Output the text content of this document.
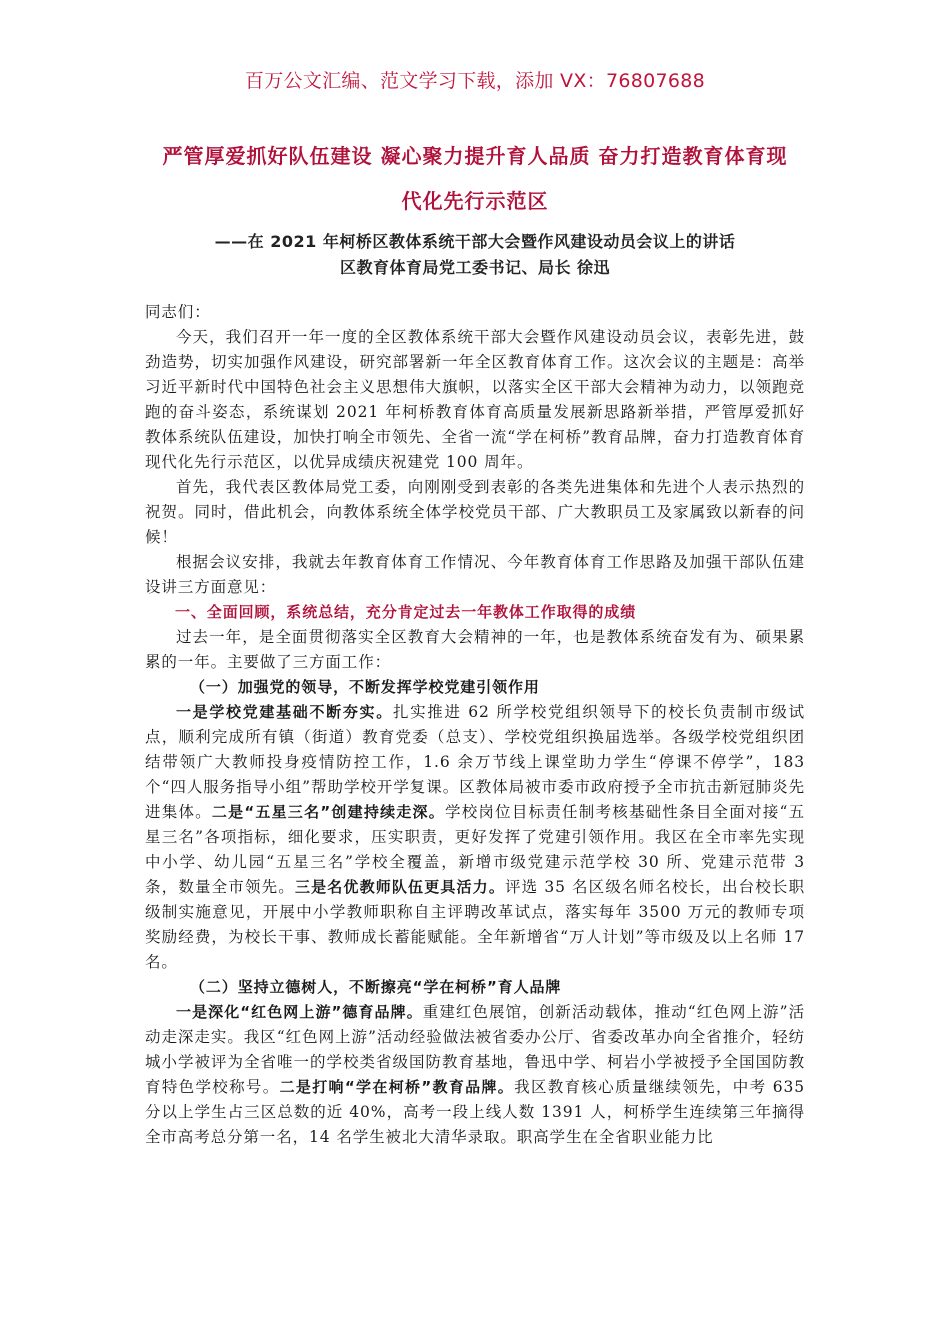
百万公文汇编、范文学习下载，添加 VX：76807688
严管厚爱抓好队伍建设 凝心聚力提升育人品质 奋力打造教育体育现
代化先行示范区
——在 2021 年柯桥区教体系统干部大会暨作风建设动员会议上的讲话
区教育体育局党工委书记、局长 徐迅

同志们：

今天，我们召开一年一度的全区教体系统干部大会暨作风建设动员会议，表彰先进，鼓劲造势，切实加强作风建设，研究部署新一年全区教育体育工作。这次会议的主题是：高举习近平新时代中国特色社会主义思想伟大旗帜，以落实全区干部大会精神为动力，以领跑竞跑的奋斗姿态，系统谋划 2021 年柯桥教育体育高质量发展新思路新举措，严管厚爱抓好教体系统队伍建设，加快打响全市领先、全省一流“学在柯桥”教育品牌，奋力打造教育体育现代化先行示范区，以优异成绩庆祝建党 100 周年。

首先，我代表区教体局党工委，向刚刚受到表彰的各类先进集体和先进个人表示热烈的祝贺。同时，借此机会，向教体系统全体学校党员干部、广大教职员工及家属致以新春的问候！

根据会议安排，我就去年教育体育工作情况、今年教育体育工作思路及加强干部队伍建设讲三方面意见：

一、全面回顾，系统总结，充分肯定过去一年教体工作取得的成绩

过去一年，是全面贯彻落实全区教育大会精神的一年，也是教体系统奋发有为、硕果累累的一年。主要做了三方面工作：

（一）加强党的领导，不断发挥学校党建引领作用

一是学校党建基础不断夯实。扎实推进 62 所学校党组织领导下的校长负责制市级试点，顺利完成所有镇（街道）教育党委（总支）、学校党组织换届选举。各级学校党组织团结带领广大教师投身疫情防控工作，1.6 余万节线上课堂助力学生“停课不停学”，183 个“四人服务指导小组”帮助学校开学复课。区教体局被市委市政府授予全市抗击新冠肺炎先进集体。二是“五星三名”创建持续走深。学校岗位目标责任制考核基础性条目全面对接“五星三名”各项指标，细化要求，压实职责，更好发挥了党建引领作用。我区在全市率先实现中小学、幼儿园“五星三名”学校全覆盖，新增市级党建示范学校 30 所、党建示范带 3 条，数量全市领先。三是名优教师队伍更具活力。评选 35 名区级名师名校长，出台校长职级制实施意见，开展中小学教师职称自主评聘改革试点，落实每年 3500 万元的教师专项奖励经费，为校长干事、教师成长蓄能赋能。全年新增省“万人计划”等市级及以上名师 17 名。

（二）坚持立德树人，不断擦亮“学在柯桥”育人品牌

一是深化“红色网上游”德育品牌。重建红色展馆，创新活动载体，推动“红色网上游”活动走深走实。我区“红色网上游”活动经验做法被省委办公厅、省委改革办向全省推介，轻纺城小学被评为全省唯一的学校类省级国防教育基地，鲁迅中学、柯岩小学被授予全国国防教育特色学校称号。二是打响“学在柯桥”教育品牌。我区教育核心质量继续领先，中考 635 分以上学生占三区总数的近 40%，高考一段上线人数 1391 人，柯桥学生连续第三年摘得全市高考总分第一名，14 名学生被北大清华录取。职高学生在全省职业能力比
